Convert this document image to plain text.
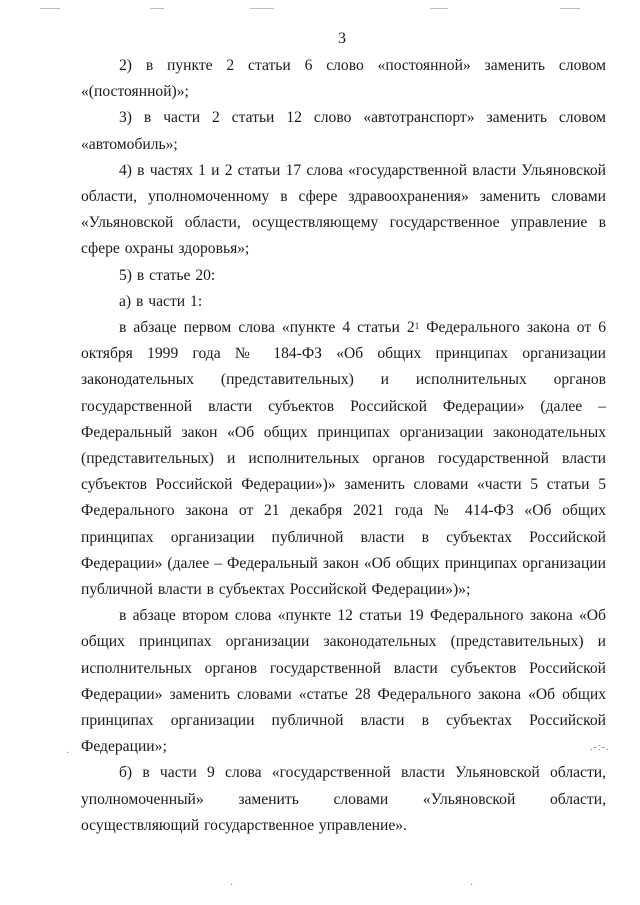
3

2) в пункте 2 статьи 6 слово «постоянной» заменить словом «(постоянной)»;

3) в части 2 статьи 12 слово «автотранспорт» заменить словом «автомобиль»;

4) в частях 1 и 2 статьи 17 слова «государственной власти Ульяновской области, уполномоченному в сфере здравоохранения» заменить словами «Ульяновской области, осуществляющему государственное управление в сфере охраны здоровья»;

5) в статье 20:

а) в части 1:

в абзаце первом слова «пункте 4 статьи $2^1$ Федерального закона от 6 октября 1999 года № 184-ФЗ «Об общих принципах организации законодательных (представительных) и исполнительных органов государственной власти субъектов Российской Федерации» (далее – Федеральный закон «Об общих принципах организации законодательных (представительных) и исполнительных органов государственной власти субъектов Российской Федерации»)» заменить словами «части 5 статьи 5 Федерального закона от 21 декабря 2021 года № 414-ФЗ «Об общих принципах организации публичной власти в субъектах Российской Федерации» (далее – Федеральный закон «Об общих принципах организации публичной власти в субъектах Российской Федерации»)»;

в абзаце втором слова «пункте 12 статьи 19 Федерального закона «Об общих принципах организации законодательных (представительных) и исполнительных органов государственной власти субъектов Российской Федерации» заменить словами «статье 28 Федерального закона «Об общих принципах организации публичной власти в субъектах Российской Федерации»;

б) в части 9 слова «государственной власти Ульяновской области, уполномоченный» заменить словами «Ульяновской области, осуществляющий государственное управление».

.-:-.
·
·
·
